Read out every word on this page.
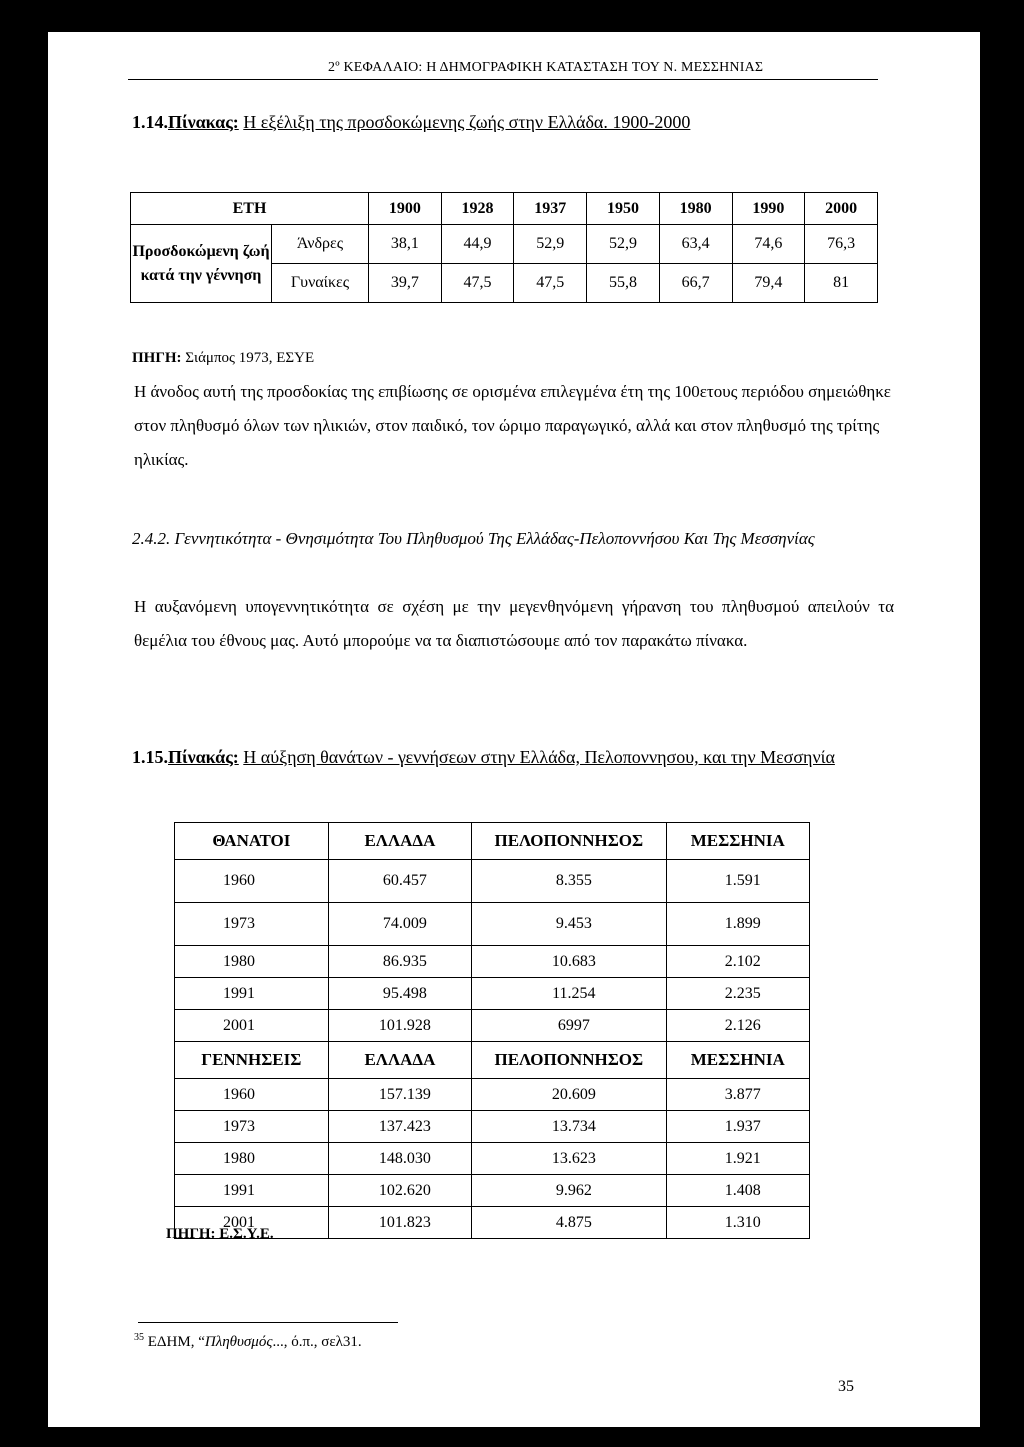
2º ΚΕΦΑΛΑΙΟ: Η ΔΗΜΟΓΡΑΦΙΚΗ ΚΑΤΑΣΤΑΣΗ ΤΟΥ Ν. ΜΕΣΣΗΝΙΑΣ
1.14.Πίνακας: Η εξέλιξη της προσδοκώμενης ζωής στην Ελλάδα. 1900-2000
ΕΤΗ		1900	1928	1937	1950	1980	1990	2000
Προσδοκώμενη ζωή κατά την γέννηση	Άνδρες	38,1	44,9	52,9	52,9	63,4	74,6	76,3
	Γυναίκες	39,7	47,5	47,5	55,8	66,7	79,4	81
ΠΗΓΗ: Σιάμπος 1973, ΕΣΥΕ
Η άνοδος αυτή της προσδοκίας της επιβίωσης σε ορισμένα επιλεγμένα έτη της 100ετους περιόδου σημειώθηκε στον πληθυσμό όλων των ηλικιών, στον παιδικό, τον ώριμο παραγωγικό, αλλά και στον πληθυσμό της τρίτης ηλικίας.
2.4.2. Γεννητικότητα - Θνησιμότητα Του Πληθυσμού Της Ελλάδας-Πελοποννήσου Και Της Μεσσηνίας
Η αυξανόμενη υπογεννητικότητα σε σχέση με την μεγενθηνόμενη γήρανση του πληθυσμού απειλούν τα θεμέλια του έθνους μας. Αυτό μπορούμε να τα διαπιστώσουμε από τον παρακάτω πίνακα.
1.15.Πίνακάς: Η αύξηση θανάτων - γεννήσεων στην Ελλάδα, Πελοποννησου, και την Μεσσηνία
ΘΑΝΑΤΟΙ	ΕΛΛΑΔΑ	ΠΕΛΟΠΟΝΝΗΣΟΣ	ΜΕΣΣΗΝΙΑ
1960	60.457	8.355	1.591
1973	74.009	9.453	1.899
1980	86.935	10.683	2.102
1991	95.498	11.254	2.235
2001	101.928	6997	2.126
ΓΕΝΝΗΣΕΙΣ	ΕΛΛΑΔΑ	ΠΕΛΟΠΟΝΝΗΣΟΣ	ΜΕΣΣΗΝΙΑ
1960	157.139	20.609	3.877
1973	137.423	13.734	1.937
1980	148.030	13.623	1.921
1991	102.620	9.962	1.408
2001	101.823	4.875	1.310
ΠΗΓΗ: Ε.Σ.Υ.Ε.
$^{35}$ ΕΔΗΜ, “Πληθυσμός..., ό.π., σελ31.
35
